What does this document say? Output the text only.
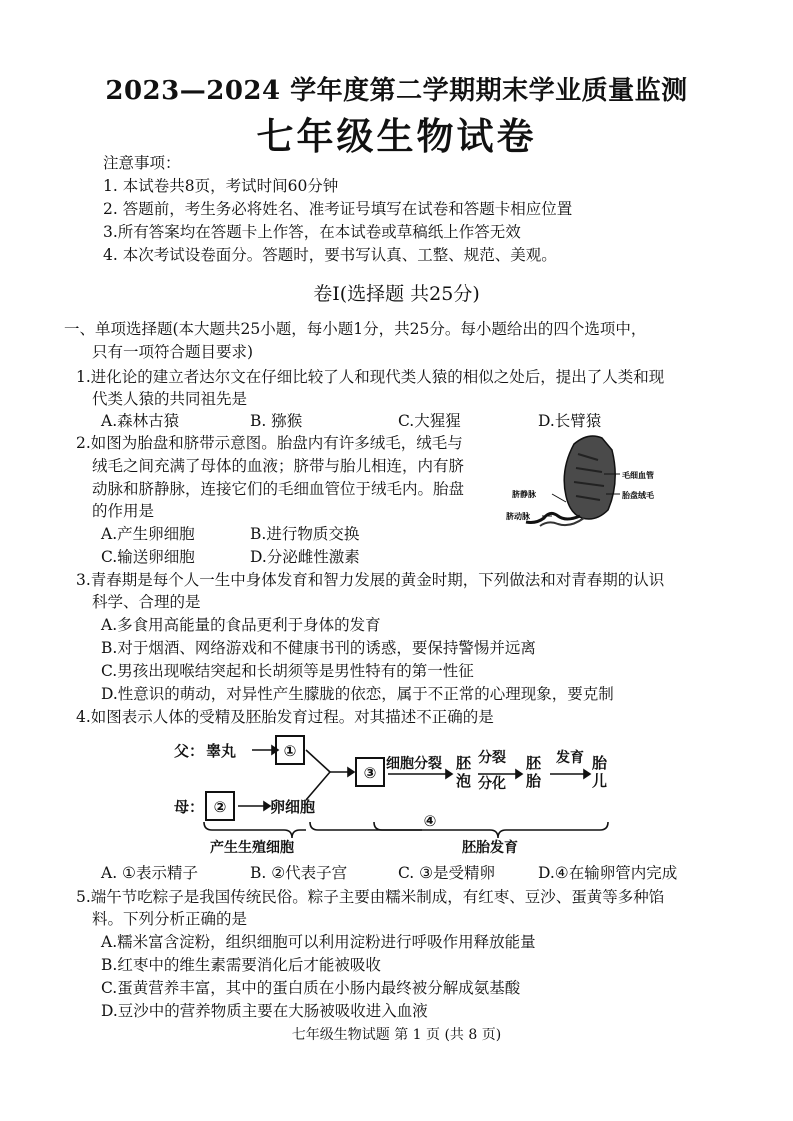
2023—2024 学年度第二学期期末学业质量监测
七年级生物试卷
注意事项：
1. 本试卷共8页，考试时间60分钟
2. 答题前，考生务必将姓名、准考证号填写在试卷和答题卡相应位置
3.所有答案均在答题卡上作答，在本试卷或草稿纸上作答无效
4. 本次考试设卷面分。答题时，要书写认真、工整、规范、美观。
卷Ⅰ(选择题 共25分)
一、单项选择题(本大题共25小题，每小题1分，共25分。每小题给出的四个选项中，
只有一项符合题目要求)
1.进化论的建立者达尔文在仔细比较了人和现代类人猿的相似之处后，提出了人类和现
代类人猿的共同祖先是
A.森林古猿	B. 猕猴	C.大猩猩	D.长臂猿
2.如图为胎盘和脐带示意图。胎盘内有许多绒毛，绒毛与
绒毛之间充满了母体的血液；脐带与胎儿相连，内有脐
动脉和脐静脉，连接它们的毛细血管位于绒毛内。胎盘
的作用是
A.产生卵细胞	B.进行物质交换
C.输送卵细胞	D.分泌雌性激素
毛细血管
胎盘绒毛
脐静脉
脐动脉
3.青春期是每个人一生中身体发育和智力发展的黄金时期，下列做法和对青春期的认识
科学、合理的是
A.多食用高能量的食品更利于身体的发育
B.对于烟酒、网络游戏和不健康书刊的诱惑，要保持警惕并远离
C.男孩出现喉结突起和长胡须等是男性特有的第一性征
D.性意识的萌动，对异性产生朦胧的依恋，属于不正常的心理现象，要克制
4.如图表示人体的受精及胚胎发育过程。对其描述不正确的是
父： 睾丸
母：	卵细胞
①
②
③ 细胞分裂 胚
泡
分裂
分化
胚
胎
发育 胎
儿
④
产生生殖细胞	胚胎发育
A. ①表示精子	B. ②代表子宫	C. ③是受精卵	D.④在输卵管内完成
5.端午节吃粽子是我国传统民俗。粽子主要由糯米制成，有红枣、豆沙、蛋黄等多种馅
料。下列分析正确的是
A.糯米富含淀粉，组织细胞可以利用淀粉进行呼吸作用释放能量
B.红枣中的维生素需要消化后才能被吸收
C.蛋黄营养丰富，其中的蛋白质在小肠内最终被分解成氨基酸
D.豆沙中的营养物质主要在大肠被吸收进入血液
七年级生物试题 第 1 页 (共 8 页)
